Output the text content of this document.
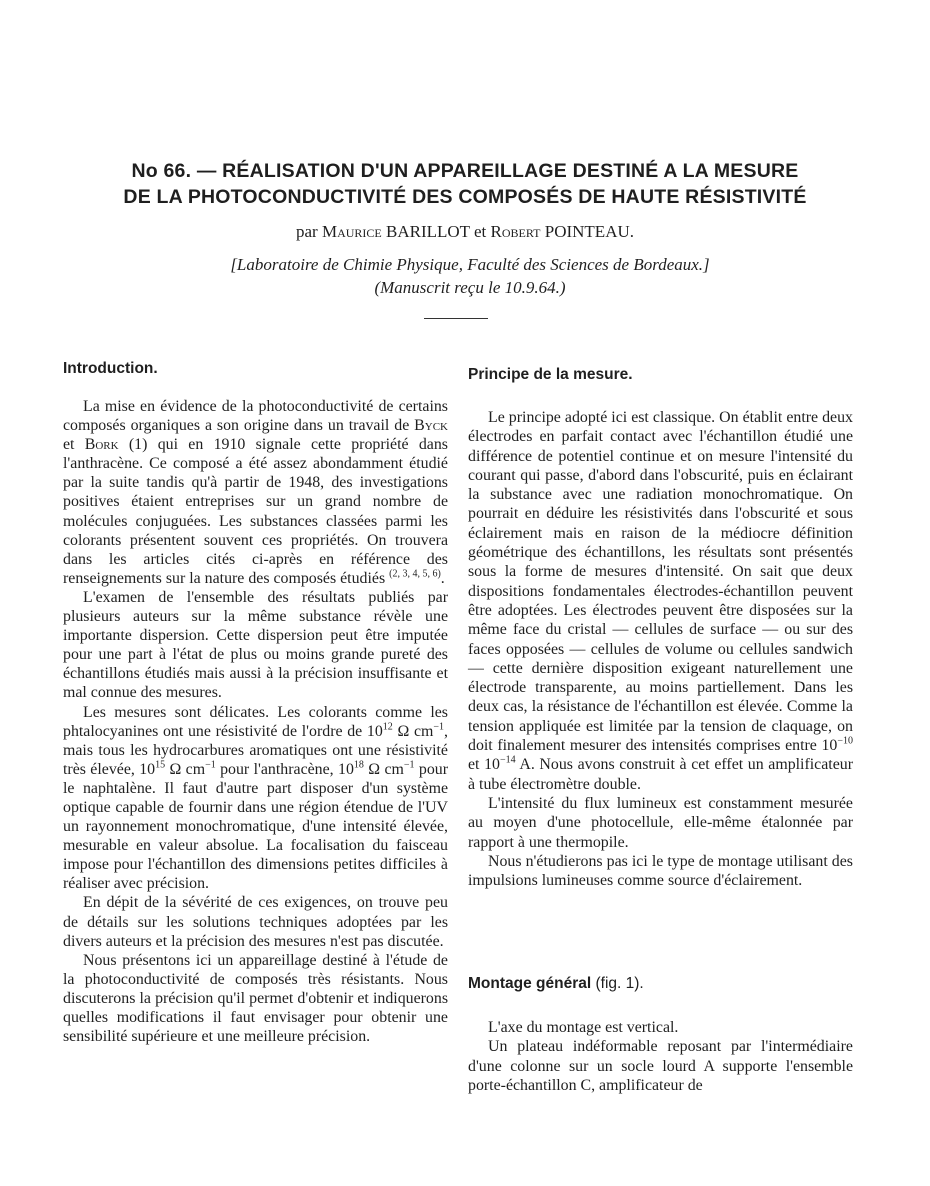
No 66. — RÉALISATION D'UN APPAREILLAGE DESTINÉ A LA MESURE
DE LA PHOTOCONDUCTIVITÉ DES COMPOSÉS DE HAUTE RÉSISTIVITÉ
par Maurice BARILLOT et Robert POINTEAU.
[Laboratoire de Chimie Physique, Faculté des Sciences de Bordeaux.]
(Manuscrit reçu le 10.9.64.)
Introduction.

La mise en évidence de la photoconductivité de certains composés organiques a son origine dans un travail de Byck et Bork (1) qui en 1910 signale cette propriété dans l'anthracène. Ce composé a été assez abondamment étudié par la suite tandis qu'à partir de 1948, des investigations positives étaient entreprises sur un grand nombre de molécules conjuguées. Les substances classées parmi les colorants présentent souvent ces propriétés. On trouvera dans les articles cités ci-après en référence des renseignements sur la nature des composés étudiés $^{(2, 3, 4, 5, 6)}$.

L'examen de l'ensemble des résultats publiés par plusieurs auteurs sur la même substance révèle une importante dispersion. Cette dispersion peut être imputée pour une part à l'état de plus ou moins grande pureté des échantillons étudiés mais aussi à la précision insuffisante et mal connue des mesures.

Les mesures sont délicates. Les colorants comme les phtalocyanines ont une résistivité de l'ordre de $10^{12}$ Ω $cm^{-1}$, mais tous les hydrocarbures aromatiques ont une résistivité très élevée, $10^{15}$ Ω $cm^{-1}$ pour l'anthracène, $10^{18}$ Ω $cm^{-1}$ pour le naphtalène. Il faut d'autre part disposer d'un système optique capable de fournir dans une région étendue de l'UV un rayonnement monochromatique, d'une intensité élevée, mesurable en valeur absolue. La focalisation du faisceau impose pour l'échantillon des dimensions petites difficiles à réaliser avec précision.

En dépit de la sévérité de ces exigences, on trouve peu de détails sur les solutions techniques adoptées par les divers auteurs et la précision des mesures n'est pas discutée.

Nous présentons ici un appareillage destiné à l'étude de la photoconductivité de composés très résistants. Nous discuterons la précision qu'il permet d'obtenir et indiquerons quelles modifications il faut envisager pour obtenir une sensibilité supérieure et une meilleure précision.

Principe de la mesure.

Le principe adopté ici est classique. On établit entre deux électrodes en parfait contact avec l'échantillon étudié une différence de potentiel continue et on mesure l'intensité du courant qui passe, d'abord dans l'obscurité, puis en éclairant la substance avec une radiation monochromatique. On pourrait en déduire les résistivités dans l'obscurité et sous éclairement mais en raison de la médiocre définition géométrique des échantillons, les résultats sont présentés sous la forme de mesures d'intensité. On sait que deux dispositions fondamentales électrodes-échantillon peuvent être adoptées. Les électrodes peuvent être disposées sur la même face du cristal — cellules de surface — ou sur des faces opposées — cellules de volume ou cellules sandwich — cette dernière disposition exigeant naturellement une électrode transparente, au moins partiellement. Dans les deux cas, la résistance de l'échantillon est élevée. Comme la tension appliquée est limitée par la tension de claquage, on doit finalement mesurer des intensités comprises entre $10^{-10}$ et $10^{-14}$ A. Nous avons construit à cet effet un amplificateur à tube électromètre double.

L'intensité du flux lumineux est constamment mesurée au moyen d'une photocellule, elle-même étalonnée par rapport à une thermopile.

Nous n'étudierons pas ici le type de montage utilisant des impulsions lumineuses comme source d'éclairement.

Montage général (fig. 1).

L'axe du montage est vertical.

Un plateau indéformable reposant par l'intermédiaire d'une colonne sur un socle lourd A supporte l'ensemble porte-échantillon C, amplificateur de
